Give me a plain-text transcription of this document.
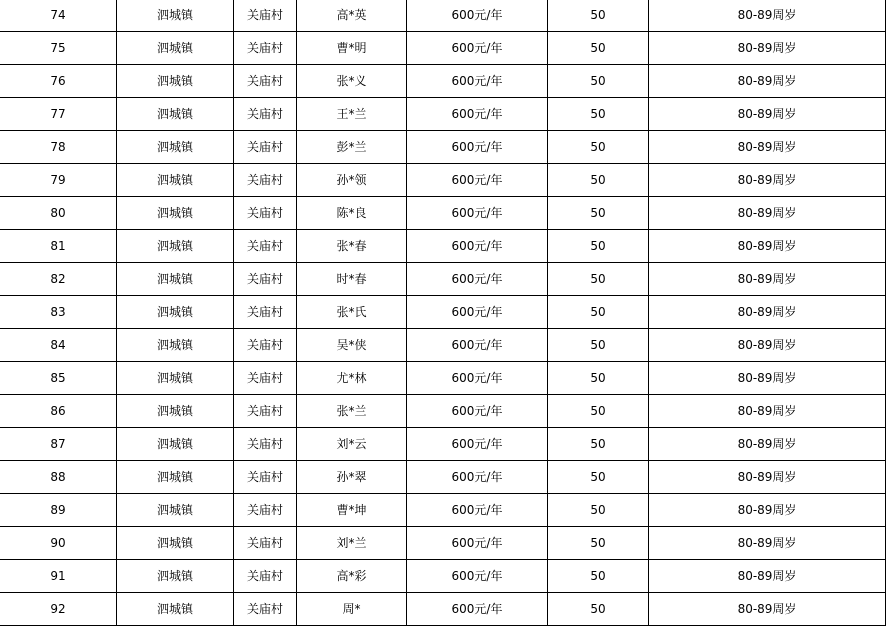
74	泗城镇	关庙村	高*英	600元/年	50	80-89周岁
75	泗城镇	关庙村	曹*明	600元/年	50	80-89周岁
76	泗城镇	关庙村	张*义	600元/年	50	80-89周岁
77	泗城镇	关庙村	王*兰	600元/年	50	80-89周岁
78	泗城镇	关庙村	彭*兰	600元/年	50	80-89周岁
79	泗城镇	关庙村	孙*领	600元/年	50	80-89周岁
80	泗城镇	关庙村	陈*良	600元/年	50	80-89周岁
81	泗城镇	关庙村	张*春	600元/年	50	80-89周岁
82	泗城镇	关庙村	时*春	600元/年	50	80-89周岁
83	泗城镇	关庙村	张*氏	600元/年	50	80-89周岁
84	泗城镇	关庙村	吴*侠	600元/年	50	80-89周岁
85	泗城镇	关庙村	尤*林	600元/年	50	80-89周岁
86	泗城镇	关庙村	张*兰	600元/年	50	80-89周岁
87	泗城镇	关庙村	刘*云	600元/年	50	80-89周岁
88	泗城镇	关庙村	孙*翠	600元/年	50	80-89周岁
89	泗城镇	关庙村	曹*坤	600元/年	50	80-89周岁
90	泗城镇	关庙村	刘*兰	600元/年	50	80-89周岁
91	泗城镇	关庙村	高*彩	600元/年	50	80-89周岁
92	泗城镇	关庙村	周*	600元/年	50	80-89周岁
